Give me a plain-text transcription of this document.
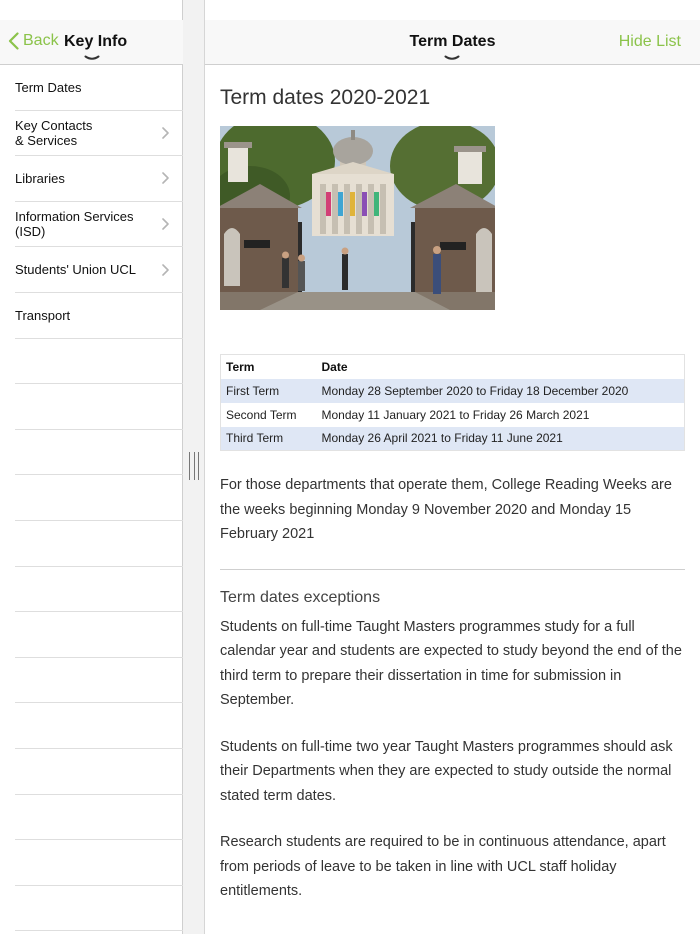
Back Key Info
Term Dates
Key Contacts
& Services
Libraries
Information Services
(ISD)
Students' Union UCL
Transport
Term Dates	Hide List
Term dates 2020-2021
Term	Date
First Term	Monday 28 September 2020 to Friday 18 December 2020
Second Term	Monday 11 January 2021 to Friday 26 March 2021
Third Term	Monday 26 April 2021 to Friday 11 June 2021

For those departments that operate them, College Reading Weeks are the weeks beginning Monday 9 November 2020 and Monday 15 February 2021

Term dates exceptions

Students on full-time Taught Masters programmes study for a full calendar year and students are expected to study beyond the end of the third term to prepare their dissertation in time for submission in September.

Students on full-time two year Taught Masters programmes should ask their Departments when they are expected to study outside the normal stated term dates.

Research students are required to be in continuous attendance, apart from periods of leave to be taken in line with UCL staff holiday entitlements.
